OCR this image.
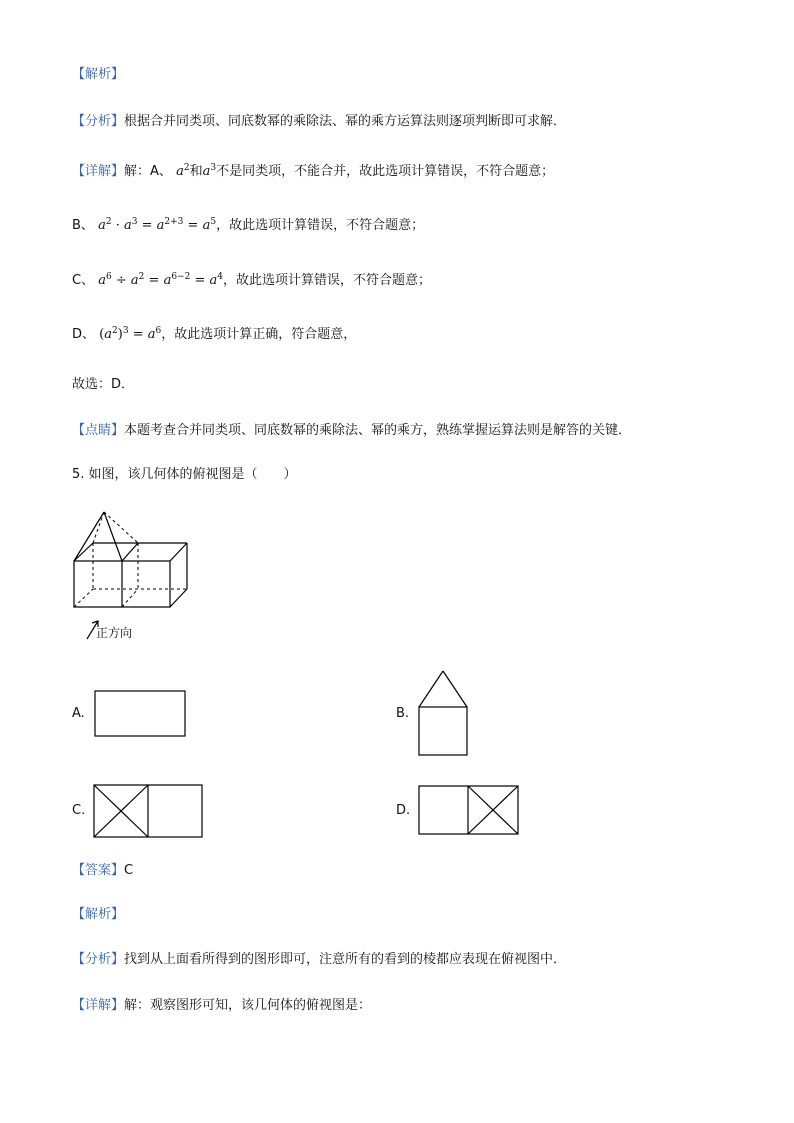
【解析】
【分析】根据合并同类项、同底数幂的乘除法、幂的乘方运算法则逐项判断即可求解．
【详解】解：A、 $a^2$和$a^3$不是同类项，不能合并，故此选项计算错误，不符合题意；
B、 $a^2 \cdot a^3 = a^{2+3} = a^5$，故此选项计算错误，不符合题意；
C、 $a^6 \div a^2 = a^{6-2} = a^4$，故此选项计算错误，不符合题意；
D、 $(a^2)^3 = a^6$，故此选项计算正确，符合题意，
故选：D．
【点睛】本题考查合并同类项、同底数幂的乘除法、幂的乘方，熟练掌握运算法则是解答的关键．
5. 如图，该几何体的俯视图是（　　）
正方向
A.	B.
C.	D.
【答案】C
【解析】
【分析】找到从上面看所得到的图形即可，注意所有的看到的棱都应表现在俯视图中．
【详解】解：观察图形可知，该几何体的俯视图是：
